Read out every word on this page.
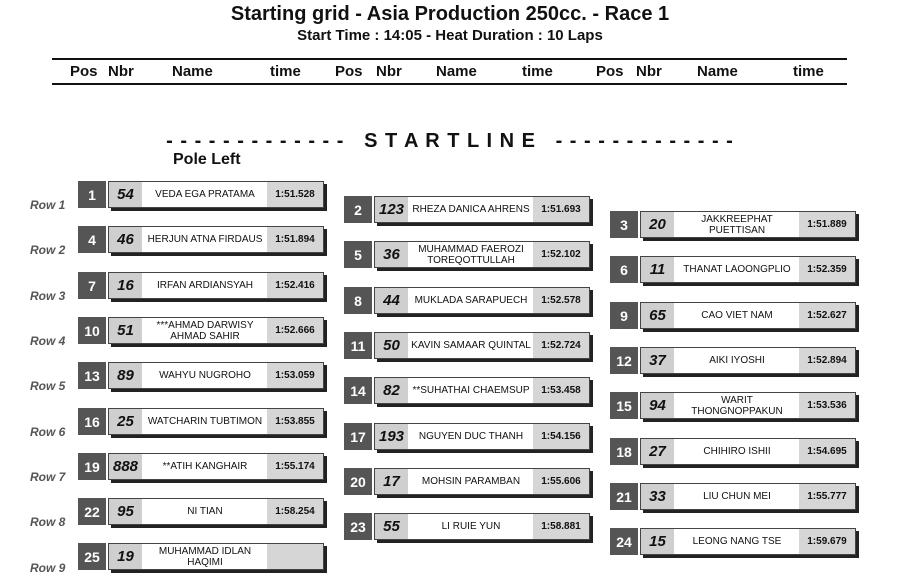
Starting grid - Asia Production 250cc. - Race 1
Start Time : 14:05 - Heat Duration : 10 Laps
Pos Nbr	Name	time Pos Nbr Name	time	Pos Nbr Name	time
- - - - - - - - - - - - -   S T A R T L I N E   - - - - - - - - - - - - -
Pole Left
Row 1
Row 2
Row 3
Row 4
Row 5
Row 6
Row 7
Row 8
Row 9
1	54	VEDA EGA PRATAMA	1:51.528
2	123 RHEZA DANICA AHRENS	1:51.693
3	20	JAKKREEPHAT PUETTISAN	1:51.889
4	46	HERJUN ATNA FIRDAUS	1:51.894
5	36	MUHAMMAD FAEROZI TOREQOTTULLAH	1:52.102
6	11	THANAT LAOONGPLIO	1:52.359
7	16	IRFAN ARDIANSYAH	1:52.416
8	44	MUKLADA SARAPUECH	1:52.578
9	65	CAO VIET NAM	1:52.627
10	51	***AHMAD DARWISY AHMAD SAHIR	1:52.666
11	50	KAVIN SAMAAR QUINTAL	1:52.724
12	37	AIKI IYOSHI	1:52.894
13	89	WAHYU NUGROHO	1:53.059
14	82	**SUHATHAI CHAEMSUP	1:53.458
15	94	WARIT THONGNOPPAKUN	1:53.536
16	25	WATCHARIN TUBTIMON	1:53.855
17 193	NGUYEN DUC THANH	1:54.156
18	27	CHIHIRO ISHII	1:54.695
19 888	**ATIH KANGHAIR	1:55.174
20	17	MOHSIN PARAMBAN	1:55.606
21	33	LIU CHUN MEI	1:55.777
22	95	NI TIAN	1:58.254
23	55	LI RUIE YUN	1:58.881
24	15	LEONG NANG TSE	1:59.679
25	19	MUHAMMAD IDLAN HAQIMI
